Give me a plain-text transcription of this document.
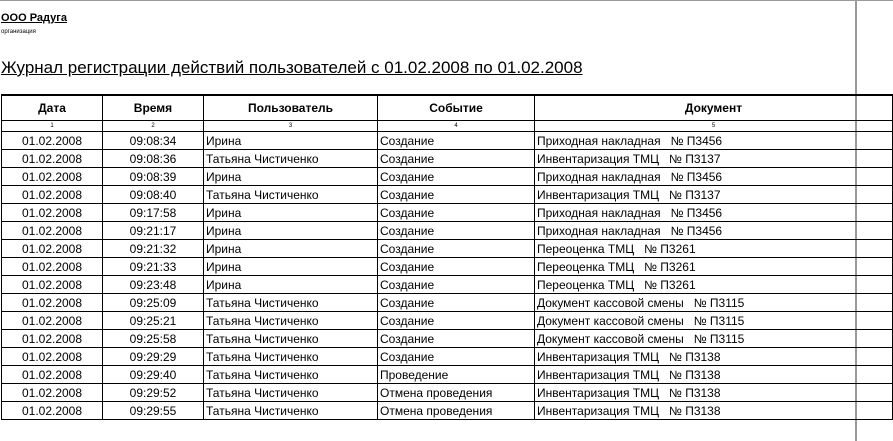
ООО Радуга
организация
Журнал регистрации действий пользователей с 01.02.2008 по 01.02.2008
Дата	Время	Пользователь	Событие	Документ
1	2	3	4	5
01.02.2008	09:08:34	Ирина	Создание	Приходная накладная № П3456
01.02.2008	09:08:36	Татьяна Чистиченко	Создание	Инвентаризация ТМЦ № П3137
01.02.2008	09:08:39	Ирина	Создание	Приходная накладная № П3456
01.02.2008	09:08:40	Татьяна Чистиченко	Создание	Инвентаризация ТМЦ № П3137
01.02.2008	09:17:58	Ирина	Создание	Приходная накладная № П3456
01.02.2008	09:21:17	Ирина	Создание	Приходная накладная № П3456
01.02.2008	09:21:32	Ирина	Создание	Переоценка ТМЦ № П3261
01.02.2008	09:21:33	Ирина	Создание	Переоценка ТМЦ № П3261
01.02.2008	09:23:48	Ирина	Создание	Переоценка ТМЦ № П3261
01.02.2008	09:25:09	Татьяна Чистиченко	Создание	Документ кассовой смены № П3115
01.02.2008	09:25:21	Татьяна Чистиченко	Создание	Документ кассовой смены № П3115
01.02.2008	09:25:58	Татьяна Чистиченко	Создание	Документ кассовой смены № П3115
01.02.2008	09:29:29	Татьяна Чистиченко	Создание	Инвентаризация ТМЦ № П3138
01.02.2008	09:29:40	Татьяна Чистиченко	Проведение	Инвентаризация ТМЦ № П3138
01.02.2008	09:29:52	Татьяна Чистиченко	Отмена проведения	Инвентаризация ТМЦ № П3138
01.02.2008	09:29:55	Татьяна Чистиченко	Отмена проведения	Инвентаризация ТМЦ № П3138
